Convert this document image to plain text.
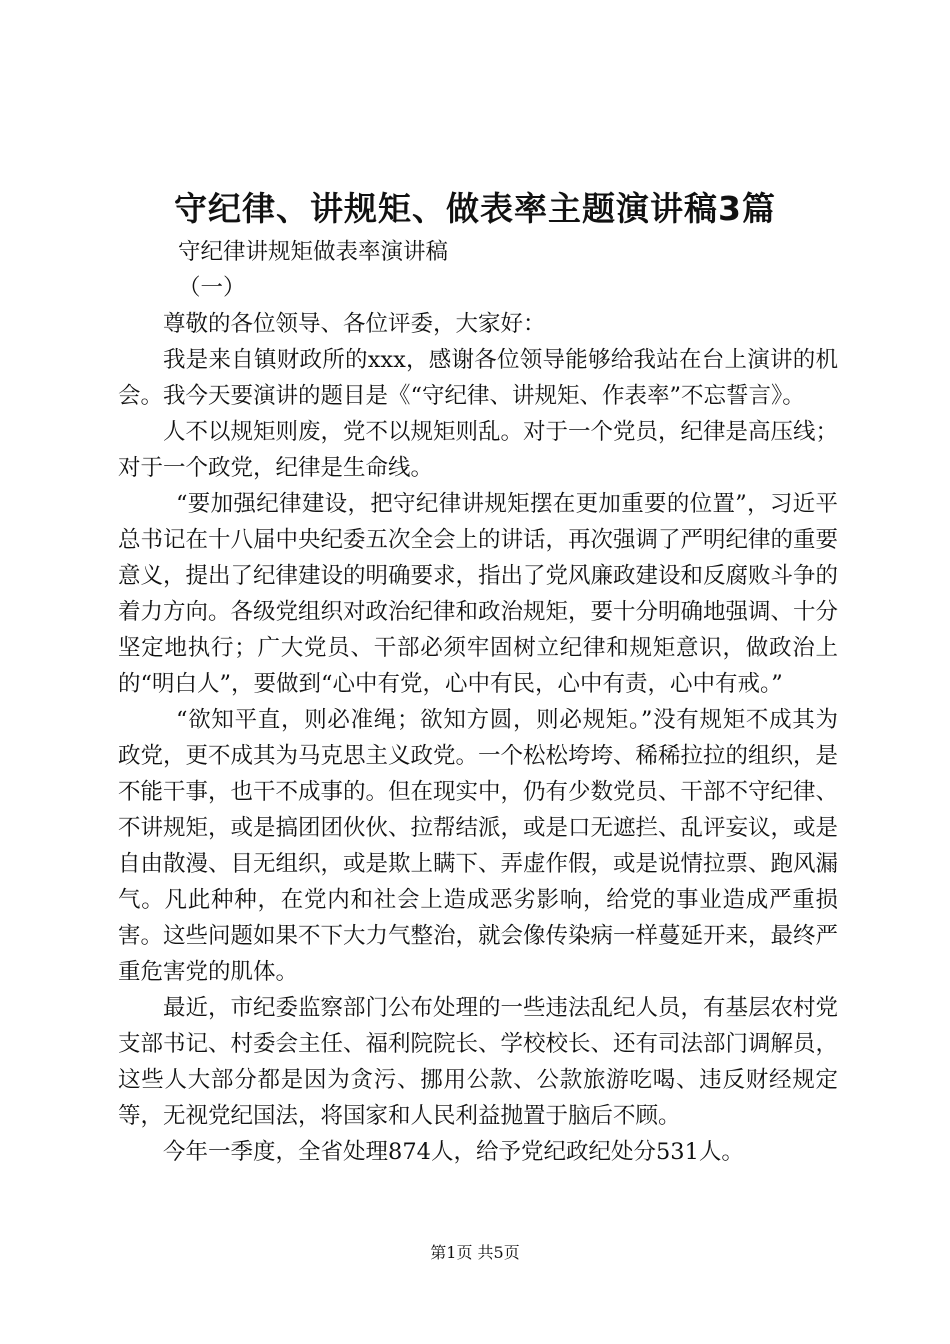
守纪律、讲规矩、做表率主题演讲稿3篇

守纪律讲规矩做表率演讲稿

（一）

尊敬的各位领导、各位评委，大家好：

我是来自镇财政所的xxx，感谢各位领导能够给我站在台上演讲的机会。我今天要演讲的题目是《“守纪律、讲规矩、作表率”不忘誓言》。

人不以规矩则废，党不以规矩则乱。对于一个党员，纪律是高压线；对于一个政党，纪律是生命线。

“要加强纪律建设，把守纪律讲规矩摆在更加重要的位置”，习近平总书记在十八届中央纪委五次全会上的讲话，再次强调了严明纪律的重要意义，提出了纪律建设的明确要求，指出了党风廉政建设和反腐败斗争的着力方向。各级党组织对政治纪律和政治规矩，要十分明确地强调、十分坚定地执行；广大党员、干部必须牢固树立纪律和规矩意识，做政治上的“明白人”，要做到“心中有党，心中有民，心中有责，心中有戒。”

“欲知平直，则必准绳；欲知方圆，则必规矩。”没有规矩不成其为政党，更不成其为马克思主义政党。一个松松垮垮、稀稀拉拉的组织，是不能干事，也干不成事的。但在现实中，仍有少数党员、干部不守纪律、不讲规矩，或是搞团团伙伙、拉帮结派，或是口无遮拦、乱评妄议，或是自由散漫、目无组织，或是欺上瞒下、弄虚作假，或是说情拉票、跑风漏气。凡此种种，在党内和社会上造成恶劣影响，给党的事业造成严重损害。这些问题如果不下大力气整治，就会像传染病一样蔓延开来，最终严重危害党的肌体。

最近，市纪委监察部门公布处理的一些违法乱纪人员，有基层农村党支部书记、村委会主任、福利院院长、学校校长、还有司法部门调解员，这些人大部分都是因为贪污、挪用公款、公款旅游吃喝、违反财经规定等，无视党纪国法，将国家和人民利益抛置于脑后不顾。

今年一季度，全省处理874人，给予党纪政纪处分531人。

第1页 共5页
